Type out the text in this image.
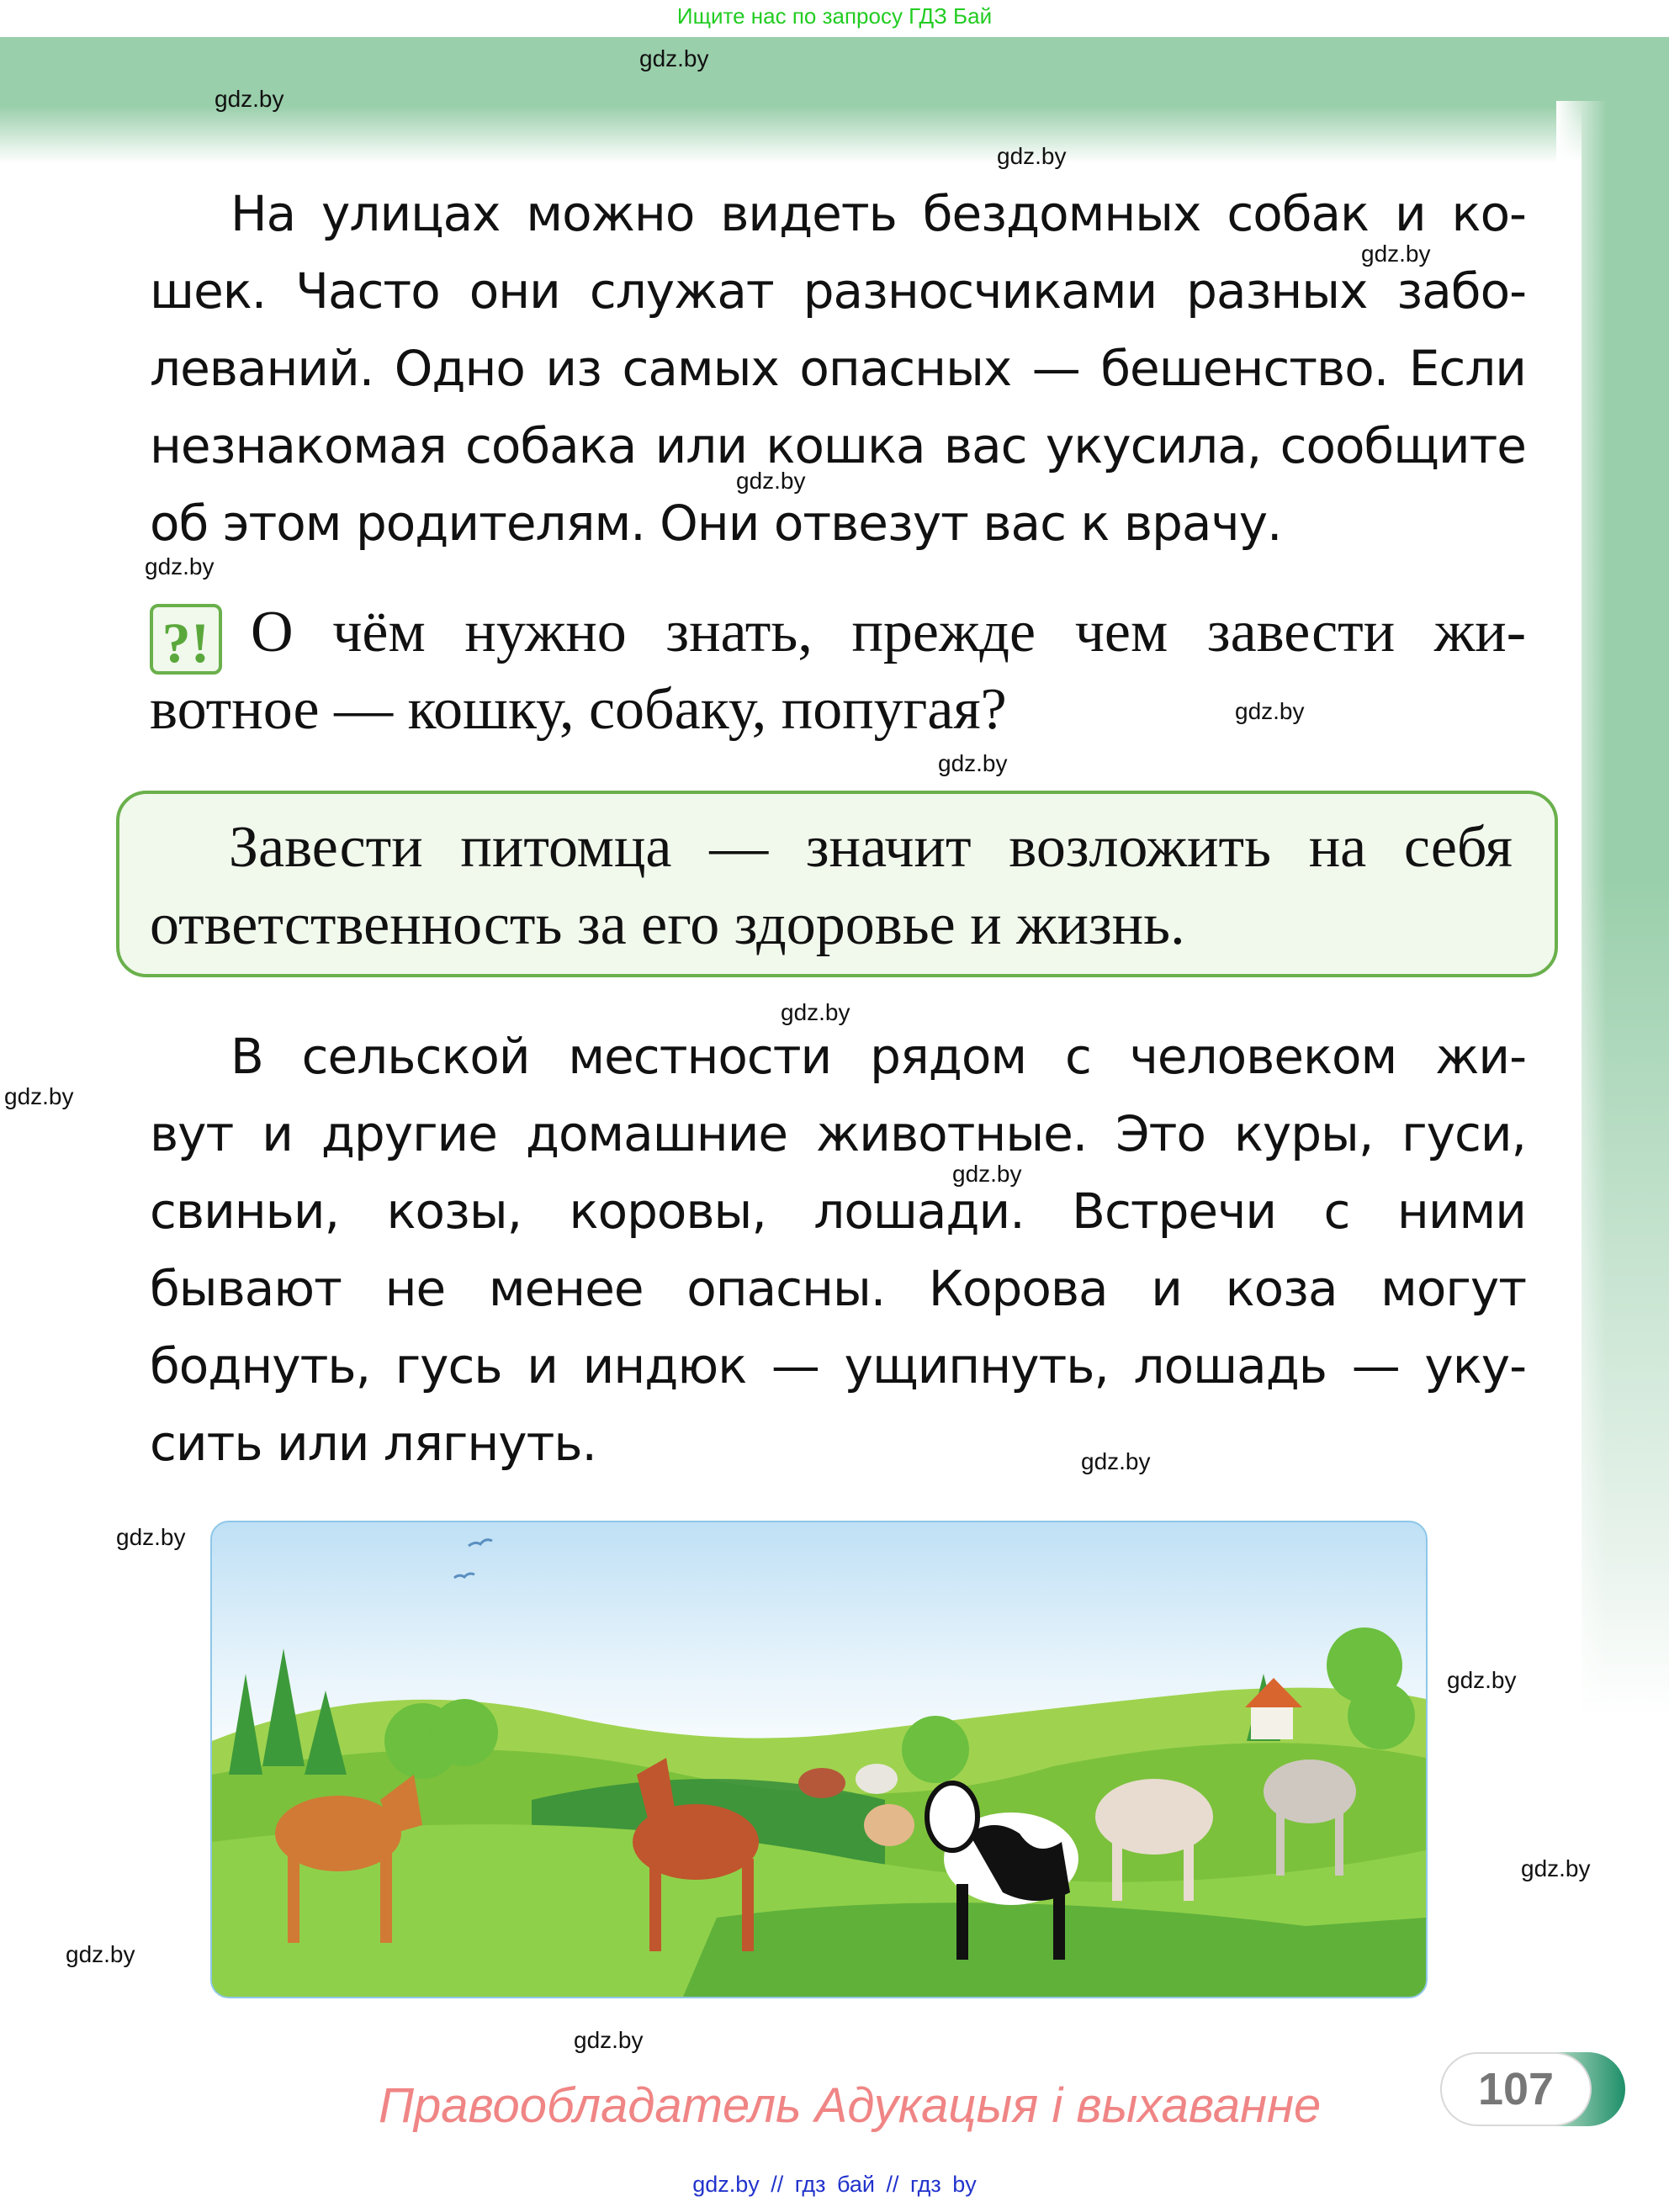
Ищите нас по запросу ГДЗ Бай
gdz.by
gdz.by
gdz.by
gdz.by
gdz.by
gdz.by
gdz.by
gdz.by
gdz.by
gdz.by
gdz.by
gdz.by
gdz.by
gdz.by
gdz.by
gdz.by
gdz.by
На улицах можно видеть бездомных собак и ко-
шек. Часто они служат разносчиками разных забо-
леваний. Одно из самых опасных — бешенство. Если
незнакомая собака или кошка вас укусила, сообщите
об этом родителям. Они отвезут вас к врачу.
?! О чём нужно знать, прежде чем завести жи-
вотное — кошку, собаку, попугая?
Завести питомца — значит возложить на себя
ответственность за его здоровье и жизнь.
В сельской местности рядом с человеком жи-
вут и другие домашние животные. Это куры, гуси,
свиньи, козы, коровы, лошади. Встречи с ними
бывают не менее опасны. Корова и коза могут
боднуть, гусь и индюк — ущипнуть, лошадь — уку-
сить или лягнуть.
Правообладатель Адукацыя і выхаванне	107
gdz.by // гдз бай // гдз by
